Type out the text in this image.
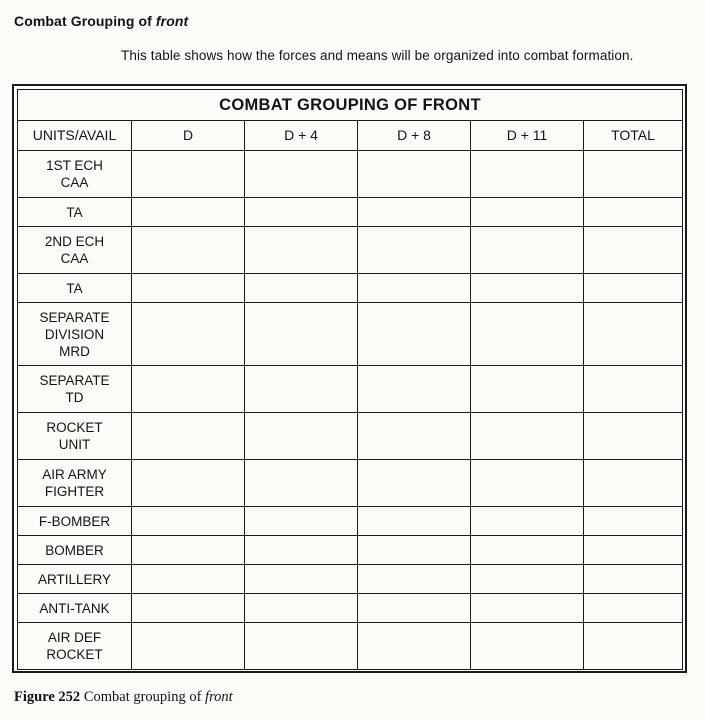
Combat Grouping of front
This table shows how the forces and means will be organized into combat formation.
COMBAT GROUPING OF FRONT					
UNITS/AVAIL	D	D + 4	D + 8	D + 11	TOTAL
1ST ECH CAA					
TA					
2ND ECH CAA					
TA					
SEPARATE DIVISION MRD					
SEPARATE TD					
ROCKET UNIT					
AIR ARMY FIGHTER					
F-BOMBER					
BOMBER					
ARTILLERY					
ANTI-TANK					
AIR DEF ROCKET					
Figure 252 Combat grouping of front
